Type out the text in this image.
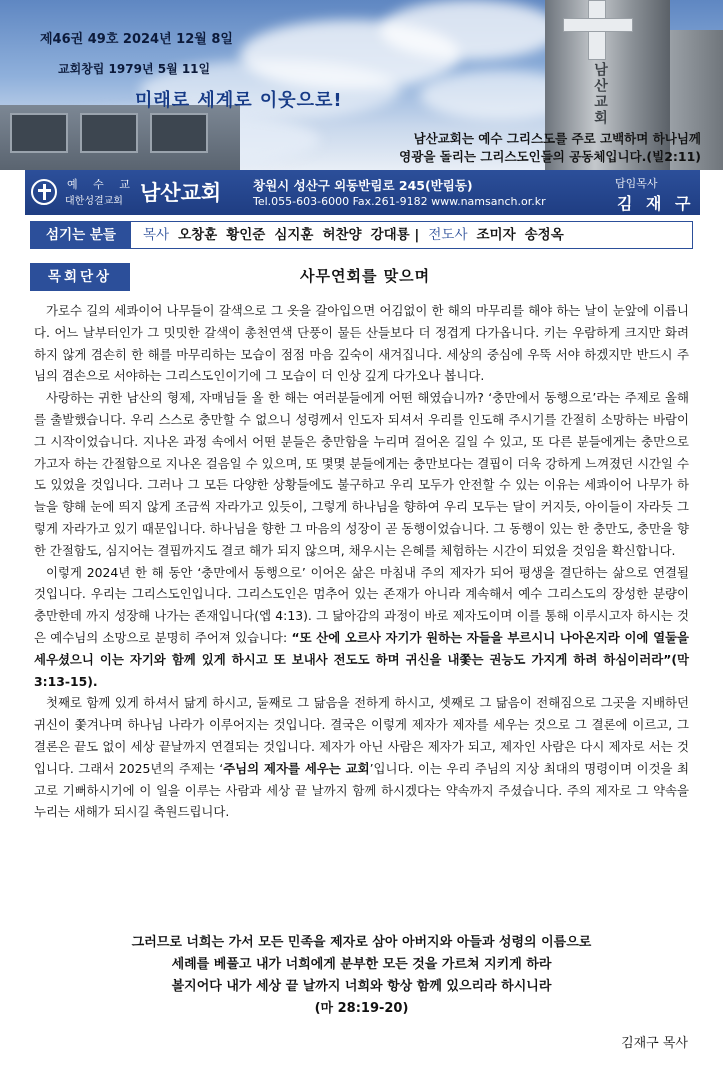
남산교회
제46권 49호 2024년 12월 8일
교회창립 1979년 5월 11일
미래로 세계로 이웃으로!
남산교회는 예수 그리스도를 주로 고백하며 하나님께
영광을 돌리는 그리스도인들의 공동체입니다.(빌2:11)
예 수 교
대한성결교회 남산교회	창원시 성산구 외동반림로 245(반림동)
Tel.055-603-6000 Fax.261-9182 www.namsanch.or.kr
담임목사
김 재 구
섬기는 분들	목사 오창훈 황인준 심지훈 허찬양 강대룡 | 전도사 조미자 송정옥
목회단상	사무연회를 맞으며

가로수 길의 세콰이어 나무들이 갈색으로 그 옷을 갈아입으면 어김없이 한 해의 마무리를 해야 하는 날이 눈앞에 이릅니다. 어느 날부터인가 그 밋밋한 갈색이 총천연색 단풍이 물든 산들보다 더 정겹게 다가옵니다. 키는 우람하게 크지만 화려하지 않게 겸손히 한 해를 마무리하는 모습이 점점 마음 깊숙이 새겨집니다. 세상의 중심에 우뚝 서야 하겠지만 반드시 주님의 겸손으로 서야하는 그리스도인이기에 그 모습이 더 인상 깊게 다가오나 봅니다.

사랑하는 귀한 남산의 형제, 자매님들 올 한 해는 여러분들에게 어떤 해였습니까? ‘충만에서 동행으로’라는 주제로 올해를 출발했습니다. 우리 스스로 충만할 수 없으니 성령께서 인도자 되셔서 우리를 인도해 주시기를 간절히 소망하는 바람이 그 시작이었습니다. 지나온 과정 속에서 어떤 분들은 충만함을 누리며 걸어온 길일 수 있고, 또 다른 분들에게는 충만으로 가고자 하는 간절함으로 지나온 걸음일 수 있으며, 또 몇몇 분들에게는 충만보다는 결핍이 더욱 강하게 느껴졌던 시간일 수도 있었을 것입니다. 그러나 그 모든 다양한 상황들에도 불구하고 우리 모두가 안전할 수 있는 이유는 세콰이어 나무가 하늘을 향해 눈에 띄지 않게 조금씩 자라가고 있듯이, 그렇게 하나님을 향하여 우리 모두는 달이 커지듯, 아이들이 자라듯 그렇게 자라가고 있기 때문입니다. 하나님을 향한 그 마음의 성장이 곧 동행이었습니다. 그 동행이 있는 한 충만도, 충만을 향한 간절함도, 심지어는 결핍까지도 결코 해가 되지 않으며, 채우시는 은혜를 체험하는 시간이 되었을 것임을 확신합니다.

이렇게 2024년 한 해 동안 ‘충만에서 동행으로’ 이어온 삶은 마침내 주의 제자가 되어 평생을 결단하는 삶으로 연결될 것입니다. 우리는 그리스도인입니다. 그리스도인은 멈추어 있는 존재가 아니라 계속해서 예수 그리스도의 장성한 분량이 충만한데 까지 성장해 나가는 존재입니다(엡 4:13). 그 닮아감의 과정이 바로 제자도이며 이를 통해 이루시고자 하시는 것은 예수님의 소망으로 분명히 주어져 있습니다: “또 산에 오르사 자기가 원하는 자들을 부르시니 나아온지라 이에 열둘을 세우셨으니 이는 자기와 함께 있게 하시고 또 보내사 전도도 하며 귀신을 내쫓는 권능도 가지게 하려 하심이러라”(막 3:13-15).

첫째로 함께 있게 하셔서 닮게 하시고, 둘째로 그 닮음을 전하게 하시고, 셋째로 그 닮음이 전해짐으로 그곳을 지배하던 귀신이 쫓겨나며 하나님 나라가 이루어지는 것입니다. 결국은 이렇게 제자가 제자를 세우는 것으로 그 결론에 이르고, 그 결론은 끝도 없이 세상 끝날까지 연결되는 것입니다. 제자가 아닌 사람은 제자가 되고, 제자인 사람은 다시 제자로 서는 것입니다. 그래서 2025년의 주제는 ‘주님의 제자를 세우는 교회’입니다. 이는 우리 주님의 지상 최대의 명령이며 이것을 최고로 기뻐하시기에 이 일을 이루는 사람과 세상 끝 날까지 함께 하시겠다는 약속까지 주셨습니다. 주의 제자로 그 약속을 누리는 새해가 되시길 축원드립니다.

그러므로 너희는 가서 모든 민족을 제자로 삼아 아버지와 아들과 성령의 이름으로
세례를 베풀고 내가 너희에게 분부한 모든 것을 가르쳐 지키게 하라
볼지어다 내가 세상 끝 날까지 너희와 항상 함께 있으리라 하시니라
(마 28:19-20)
김재구 목사
